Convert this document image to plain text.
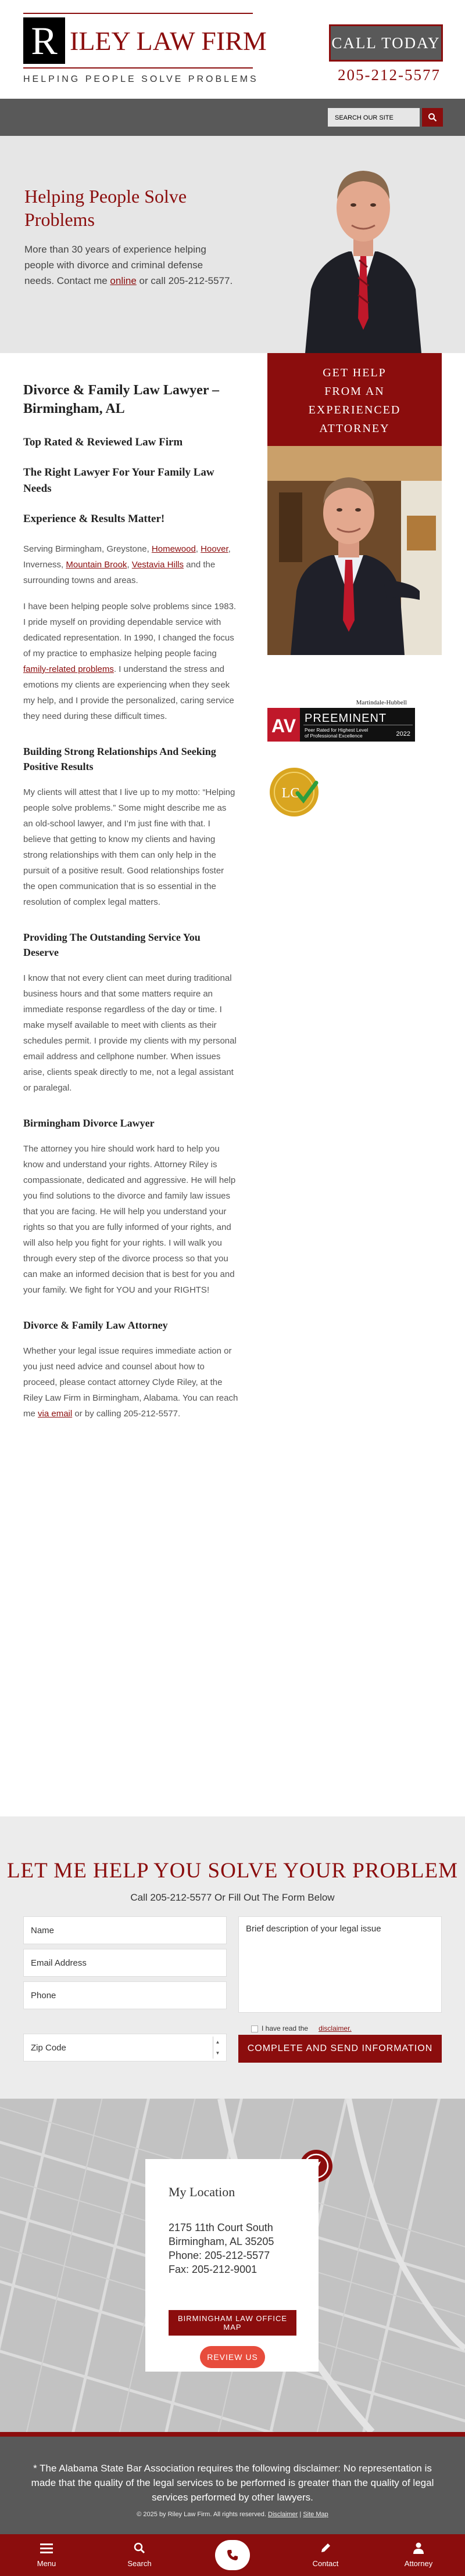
R ILEY LAW FIRM
HELPING PEOPLE SOLVE PROBLEMS
CALL TODAY
205-212-5577
SEARCH OUR SITE
Helping People Solve Problems

More than 30 years of experience helping people with divorce and criminal defense needs. Contact me online or call 205-212-5577.

Divorce & Family Law Lawyer – Birmingham, AL
Top Rated & Reviewed Law Firm
The Right Lawyer For Your Family Law Needs
Experience & Results Matter!

Serving Birmingham, Greystone, Homewood, Hoover, Inverness, Mountain Brook, Vestavia Hills and the surrounding towns and areas.

I have been helping people solve problems since 1983. I pride myself on providing dependable service with dedicated representation. In 1990, I changed the focus of my practice to emphasize helping people facing family-related problems. I understand the stress and emotions my clients are experiencing when they seek my help, and I provide the personalized, caring service they need during these difficult times.

Building Strong Relationships And Seeking Positive Results

My clients will attest that I live up to my motto: “Helping people solve problems.” Some might describe me as an old-school lawyer, and I’m just fine with that. I believe that getting to know my clients and having strong relationships with them can only help in the pursuit of a positive result. Good relationships foster the open communication that is so essential in the resolution of complex legal matters.

Providing The Outstanding Service You Deserve

I know that not every client can meet during traditional business hours and that some matters require an immediate response regardless of the day or time. I make myself available to meet with clients as their schedules permit. I provide my clients with my personal email address and cellphone number. When issues arise, clients speak directly to me, not a legal assistant or paralegal.

Birmingham Divorce Lawyer

The attorney you hire should work hard to help you know and understand your rights. Attorney Riley is compassionate, dedicated and aggressive. He will help you find solutions to the divorce and family law issues that you are facing. He will help you understand your rights so that you are fully informed of your rights, and will also help you fight for your rights. I will walk you through every step of the divorce process so that you can make an informed decision that is best for you and your family. We fight for YOU and your RIGHTS!

Divorce & Family Law Attorney

Whether your legal issue requires immediate action or you just need advice and counsel about how to proceed, please contact attorney Clyde Riley, at the Riley Law Firm in Birmingham, Alabama. You can reach me via email or by calling 205-212-5577.

GET HELP
FROM AN
EXPERIENCED
ATTORNEY

Martindale-Hubbell
AV PREEMINENT
Peer Rated for Highest Level
of Professional Excellence	2022

LC
LET ME HELP YOU SOLVE YOUR PROBLEM
Call 205-212-5577 Or Fill Out The Form Below
Name
Email Address
Phone
Zip Code
▲
▼
Brief description of your legal issue
I have read the disclaimer.
COMPLETE AND SEND INFORMATION
My Location
2175 11th Court South
Birmingham, AL 35205
Phone: 205-212-5577
Fax: 205-212-9001
BIRMINGHAM LAW OFFICE MAP
REVIEW US

* The Alabama State Bar Association requires the following disclaimer: No representation is made that the quality of the legal services to be performed is greater than the quality of legal services performed by other lawyers.

© 2025 by Riley Law Firm. All rights reserved. Disclaimer | Site Map
Menu	Search	Contact	Attorney
